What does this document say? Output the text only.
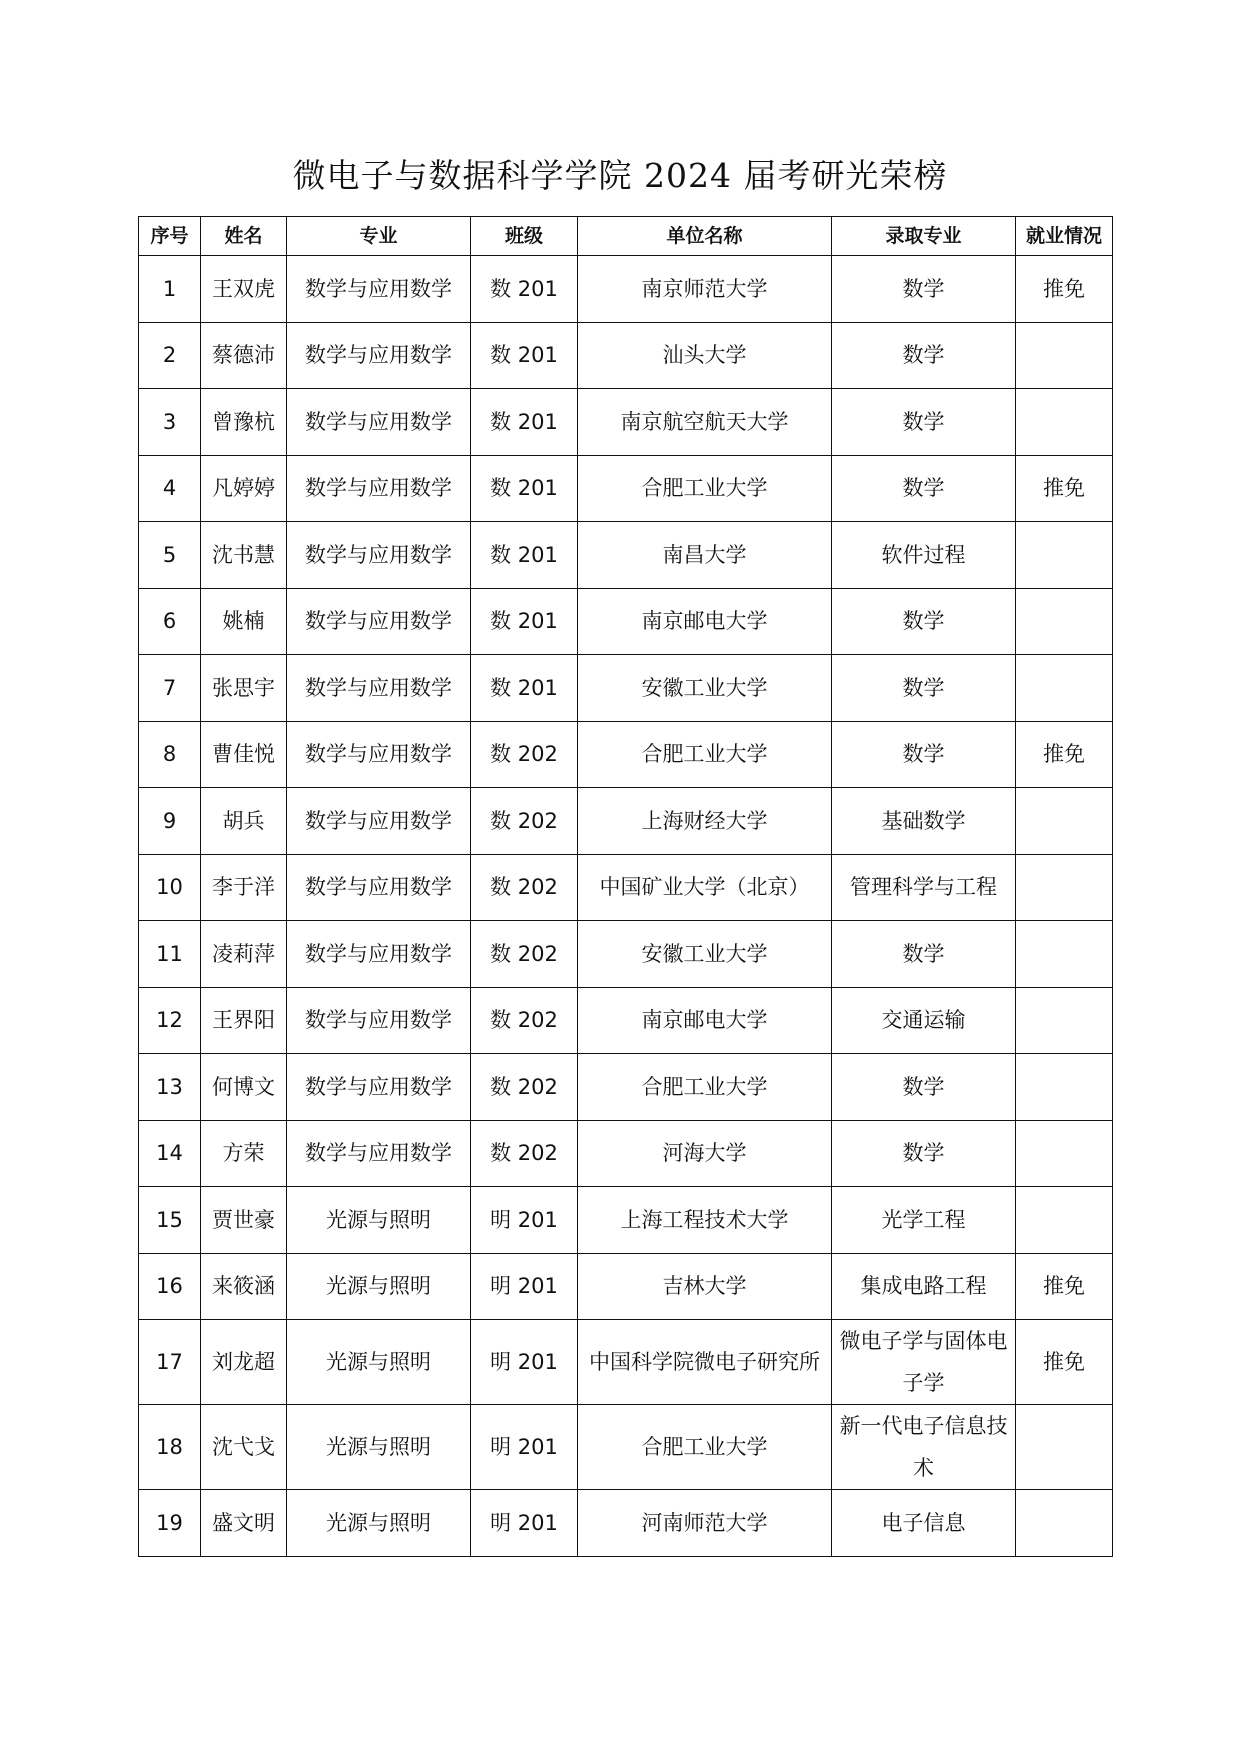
微电子与数据科学学院 2024 届考研光荣榜
序号	姓名	专业	班级	单位名称	录取专业	就业情况
1	王双虎	数学与应用数学	数 201	南京师范大学	数学	推免
2	蔡德沛	数学与应用数学	数 201	汕头大学	数学	
3	曾豫杭	数学与应用数学	数 201	南京航空航天大学	数学	
4	凡婷婷	数学与应用数学	数 201	合肥工业大学	数学	推免
5	沈书慧	数学与应用数学	数 201	南昌大学	软件过程	
6	姚楠	数学与应用数学	数 201	南京邮电大学	数学	
7	张思宇	数学与应用数学	数 201	安徽工业大学	数学	
8	曹佳悦	数学与应用数学	数 202	合肥工业大学	数学	推免
9	胡兵	数学与应用数学	数 202	上海财经大学	基础数学	
10	李于洋	数学与应用数学	数 202	中国矿业大学（北京）	管理科学与工程	
11	凌莉萍	数学与应用数学	数 202	安徽工业大学	数学	
12	王界阳	数学与应用数学	数 202	南京邮电大学	交通运输	
13	何博文	数学与应用数学	数 202	合肥工业大学	数学	
14	方荣	数学与应用数学	数 202	河海大学	数学	
15	贾世豪	光源与照明	明 201	上海工程技术大学	光学工程	
16	来筱涵	光源与照明	明 201	吉林大学	集成电路工程	推免
17	刘龙超	光源与照明	明 201	中国科学院微电子研究所	微电子学与固体电子学	推免
18	沈弋戈	光源与照明	明 201	合肥工业大学	新一代电子信息技术	
19	盛文明	光源与照明	明 201	河南师范大学	电子信息	
